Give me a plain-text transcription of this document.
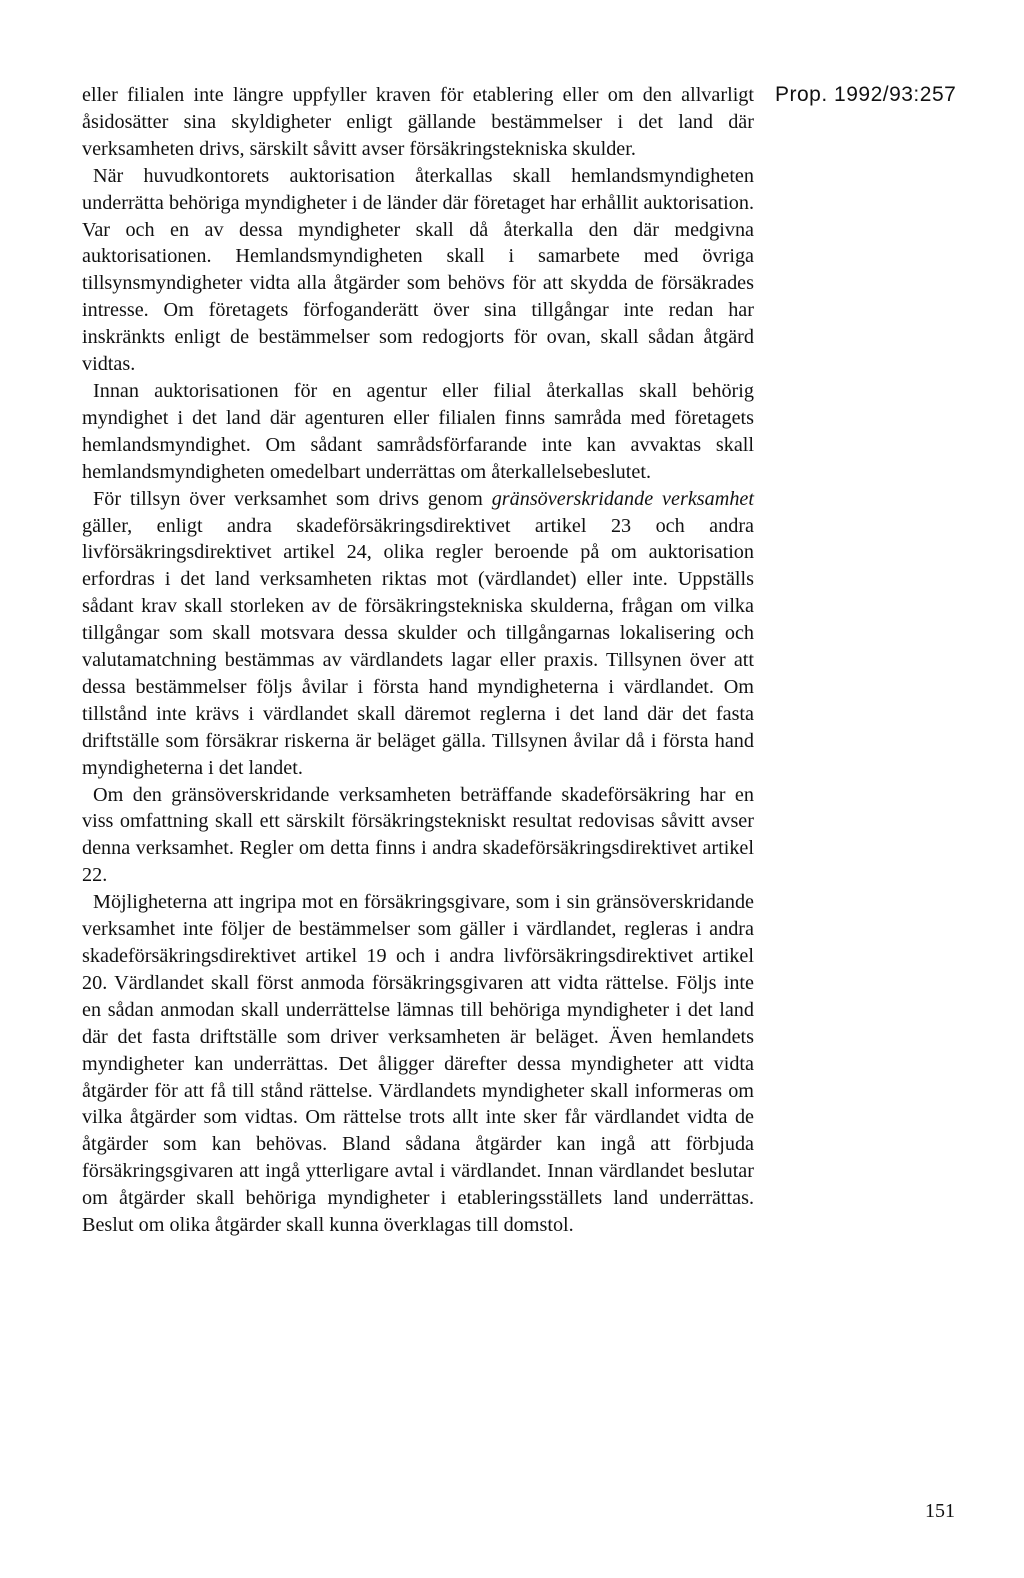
Prop. 1992/93:257

eller filialen inte längre uppfyller kraven för etablering eller om den allvarligt åsidosätter sina skyldigheter enligt gällande bestämmelser i det land där verksamheten drivs, särskilt såvitt avser försäkringstekniska skulder.

När huvudkontorets auktorisation återkallas skall hemlandsmyndigheten underrätta behöriga myndigheter i de länder där företaget har erhållit auktorisation. Var och en av dessa myndigheter skall då återkalla den där medgivna auktorisationen. Hemlandsmyndigheten skall i samarbete med övriga tillsynsmyndigheter vidta alla åtgärder som behövs för att skydda de försäkrades intresse. Om företagets förfoganderätt över sina tillgångar inte redan har inskränkts enligt de bestämmelser som redogjorts för ovan, skall sådan åtgärd vidtas.

Innan auktorisationen för en agentur eller filial återkallas skall behörig myndighet i det land där agenturen eller filialen finns samråda med företagets hemlandsmyndighet. Om sådant samrådsförfarande inte kan avvaktas skall hemlandsmyndigheten omedelbart underrättas om återkallelsebeslutet.

För tillsyn över verksamhet som drivs genom gränsöverskridande verksamhet gäller, enligt andra skadeförsäkringsdirektivet artikel 23 och andra livförsäkringsdirektivet artikel 24, olika regler beroende på om auktorisation erfordras i det land verksamheten riktas mot (värdlandet) eller inte. Uppställs sådant krav skall storleken av de försäkringstekniska skulderna, frågan om vilka tillgångar som skall motsvara dessa skulder och tillgångarnas lokalisering och valutamatchning bestämmas av värdlandets lagar eller praxis. Tillsynen över att dessa bestämmelser följs åvilar i första hand myndigheterna i värdlandet. Om tillstånd inte krävs i värdlandet skall däremot reglerna i det land där det fasta driftställe som försäkrar riskerna är beläget gälla. Tillsynen åvilar då i första hand myndigheterna i det landet.

Om den gränsöverskridande verksamheten beträffande skadeförsäkring har en viss omfattning skall ett särskilt försäkringstekniskt resultat redovisas såvitt avser denna verksamhet. Regler om detta finns i andra skadeförsäkringsdirektivet artikel 22.

Möjligheterna att ingripa mot en försäkringsgivare, som i sin gränsöverskridande verksamhet inte följer de bestämmelser som gäller i värdlandet, regleras i andra skadeförsäkringsdirektivet artikel 19 och i andra livförsäkringsdirektivet artikel 20. Värdlandet skall först anmoda försäkringsgivaren att vidta rättelse. Följs inte en sådan anmodan skall underrättelse lämnas till behöriga myndigheter i det land där det fasta driftställe som driver verksamheten är beläget. Även hemlandets myndigheter kan underrättas. Det åligger därefter dessa myndigheter att vidta åtgärder för att få till stånd rättelse. Värdlandets myndigheter skall informeras om vilka åtgärder som vidtas. Om rättelse trots allt inte sker får värdlandet vidta de åtgärder som kan behövas. Bland sådana åtgärder kan ingå att förbjuda försäkringsgivaren att ingå ytterligare avtal i värdlandet. Innan värdlandet beslutar om åtgärder skall behöriga myndigheter i etableringsställets land underrättas. Beslut om olika åtgärder skall kunna överklagas till domstol.

151
